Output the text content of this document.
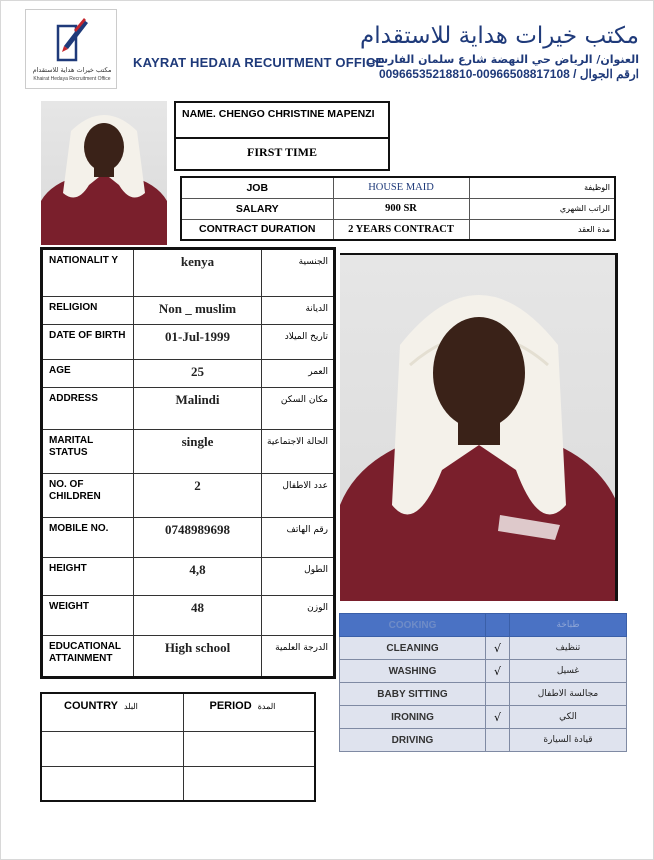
مكتب خيرات هداية للاستقدام
Khairat Hedaya Recruitment Office
KAYRAT HEDAIA RECUITMENT OFFICE
مكتب خيرات هداية للاستقدام
العنوان/ الرياض حي النهضة شارع سلمان الفارسي
00966535218810-00966508817108 / ارقم الجوال
NAME. CHENGO CHRISTINE MAPENZI
FIRST TIME
JOB	HOUSE MAID	الوظيفة
SALARY	900 SR	الراتب الشهري
CONTRACT DURATION	2 YEARS CONTRACT	مدة العقد
NATIONALIT Y	kenya	الجنسية
RELIGION	Non _ muslim	الديانة
DATE OF BIRTH	01-Jul-1999	تاريخ الميلاد
AGE	25	العمر
ADDRESS	Malindi	مكان السكن
MARITAL STATUS	single	الحالة الاجتماعية
NO. OF CHILDREN	2	عدد الاطفال
MOBILE NO.	0748989698	رقم الهاتف
HEIGHT	4,8	الطول
WEIGHT	48	الوزن
EDUCATIONAL ATTAINMENT	High school	الدرجة العلمية
COUNTRY البلد	PERIOD المدة

COOKING		طباخة
CLEANING	√	تنظيف
WASHING	√	غسيل
BABY SITTING		مجالسة الاطفال
IRONING	√	الكي
DRIVING		قيادة السيارة
